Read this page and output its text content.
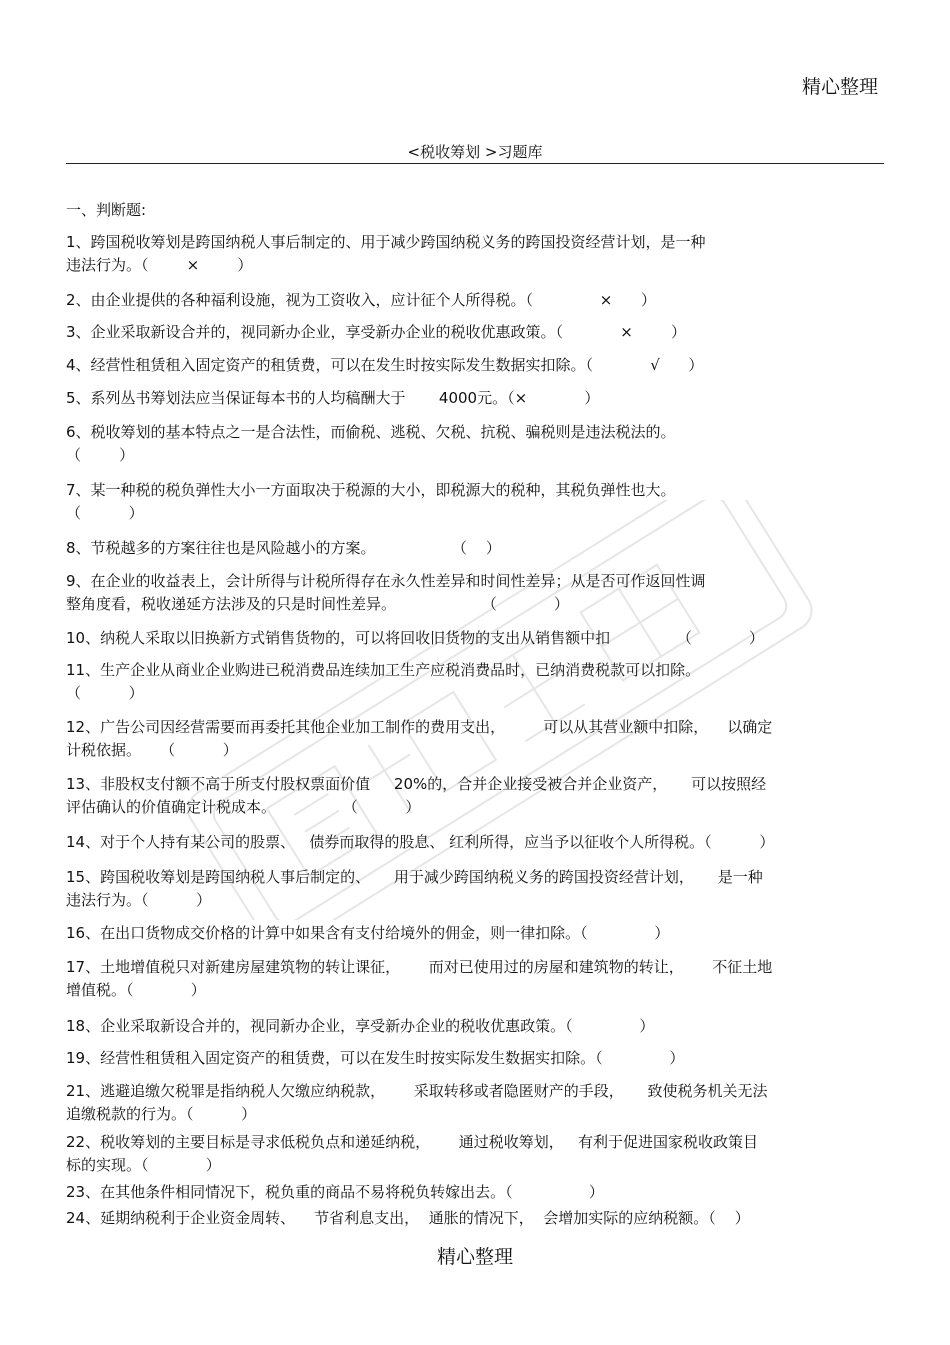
精心整理
<税收筹划 >习题库
一、判断题:
1、跨国税收筹划是跨国纳税人事后制定的、用于减少跨国纳税义务的跨国投资经营计划，是一种
违法行为。（        ×        ）
2、由企业提供的各种福利设施，视为工资收入，应计征个人所得税。（              ×      ）
3、企业采取新设合并的，视同新办企业，享受新办企业的税收优惠政策。（            ×        ）
4、经营性租赁租入固定资产的租赁费，可以在发生时按实际发生数据实扣除。（            √      ）
5、系列丛书筹划法应当保证每本书的人均稿酬大于       4000元。（×            ）
6、税收筹划的基本特点之一是合法性，而偷税、逃税、欠税、抗税、骗税则是违法税法的。
（        ）
7、某一种税的税负弹性大小一方面取决于税源的大小，即税源大的税种，其税负弹性也大。
（          ）
8、节税越多的方案往往也是风险越小的方案。                （    ）
9、在企业的收益表上，会计所得与计税所得存在永久性差异和时间性差异；从是否可作返回性调
整角度看，税收递延方法涉及的只是时间性差异。                  （            ）
10、纳税人采取以旧换新方式销售货物的，可以将回收旧货物的支出从销售额中扣              （            ）
11、生产企业从商业企业购进已税消费品连续加工生产应税消费品时，已纳消费税款可以扣除。
（          ）
12、广告公司因经营需要而再委托其他企业加工制作的费用支出，        可以从其营业额中扣除，    以确定
计税依据。    （          ）
13、非股权支付额不高于所支付股权票面价值     20%的，合并企业接受被合并企业资产，     可以按照经
评估确认的价值确定计税成本。              （          ）
14、对于个人持有某公司的股票、   债券而取得的股息、 红利所得，应当予以征收个人所得税。（          ）
15、跨国税收筹划是跨国纳税人事后制定的、     用于减少跨国纳税义务的跨国投资经营计划，     是一种
违法行为。（          ）
16、在出口货物成交价格的计算中如果含有支付给境外的佣金，则一律扣除。（              ）
17、土地增值税只对新建房屋建筑物的转让课征，      而对已使用过的房屋和建筑物的转让，      不征土地
增值税。（            ）
18、企业采取新设合并的，视同新办企业，享受新办企业的税收优惠政策。（              ）
19、经营性租赁租入固定资产的租赁费，可以在发生时按实际发生数据实扣除。（              ）
21、逃避追缴欠税罪是指纳税人欠缴应纳税款，      采取转移或者隐匿财产的手段，     致使税务机关无法
追缴税款的行为。（          ）
22、税收筹划的主要目标是寻求低税负点和递延纳税，      通过税收筹划，   有利于促进国家税收政策目
标的实现。（            ）
23、在其他条件相同情况下，税负重的商品不易将税负转嫁出去。（                ）
24、延期纳税利于企业资金周转、    节省利息支出，  通胀的情况下，  会增加实际的应纳税额。（    ）
精心整理
